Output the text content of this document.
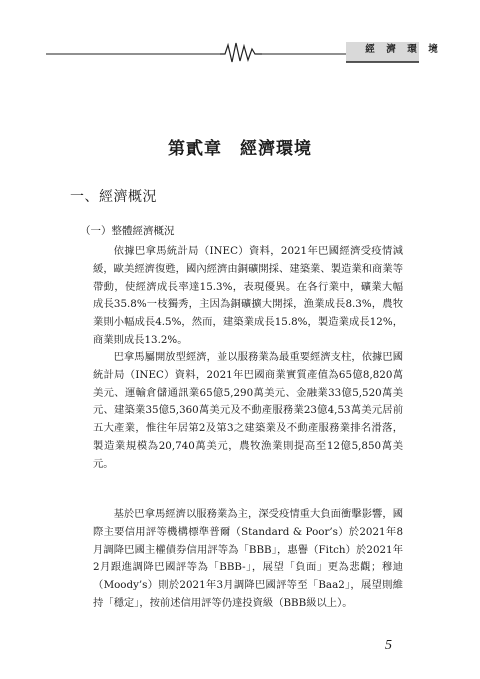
經　濟　環　境
第貳章　經濟環境
一、經濟概況
（一）整體經濟概況

依據巴拿馬統計局（INEC）資料，2021年巴國經濟受疫情減緩，歐美經濟復甦，國內經濟由銅礦開採、建築業、製造業和商業等帶動，使經濟成長率達15.3%，表現優異。在各行業中，礦業大幅成長35.8%一枝獨秀，主因為銅礦擴大開採，漁業成長8.3%，農牧業則小幅成長4.5%，然而，建築業成長15.8%，製造業成長12%，商業則成長13.2%。

巴拿馬屬開放型經濟，並以服務業為最重要經濟支柱，依據巴國統計局（INEC）資料，2021年巴國商業實質產值為65億8,820萬美元、運輸倉儲通訊業65億5,290萬美元、金融業33億5,520萬美元、建築業35億5,360萬美元及不動產服務業23億4,53萬美元居前五大產業，惟往年居第2及第3之建築業及不動產服務業排名滑落，製造業規模為20,740萬美元，農牧漁業則提高至12億5,850萬美元。

基於巴拿馬經濟以服務業為主，深受疫情重大負面衝擊影響，國際主要信用評等機構標準普爾（Standard & Poor’s）於2021年8月調降巴國主權債券信用評等為「BBB」，惠譽（Fitch）於2021年2月跟進調降巴國評等為「BBB-」，展望「負面」更為悲觀；穆迪（Moody’s）則於2021年3月調降巴國評等至「Baa2」，展望則維持「穩定」，按前述信用評等仍達投資級（BBB級以上）。

5
